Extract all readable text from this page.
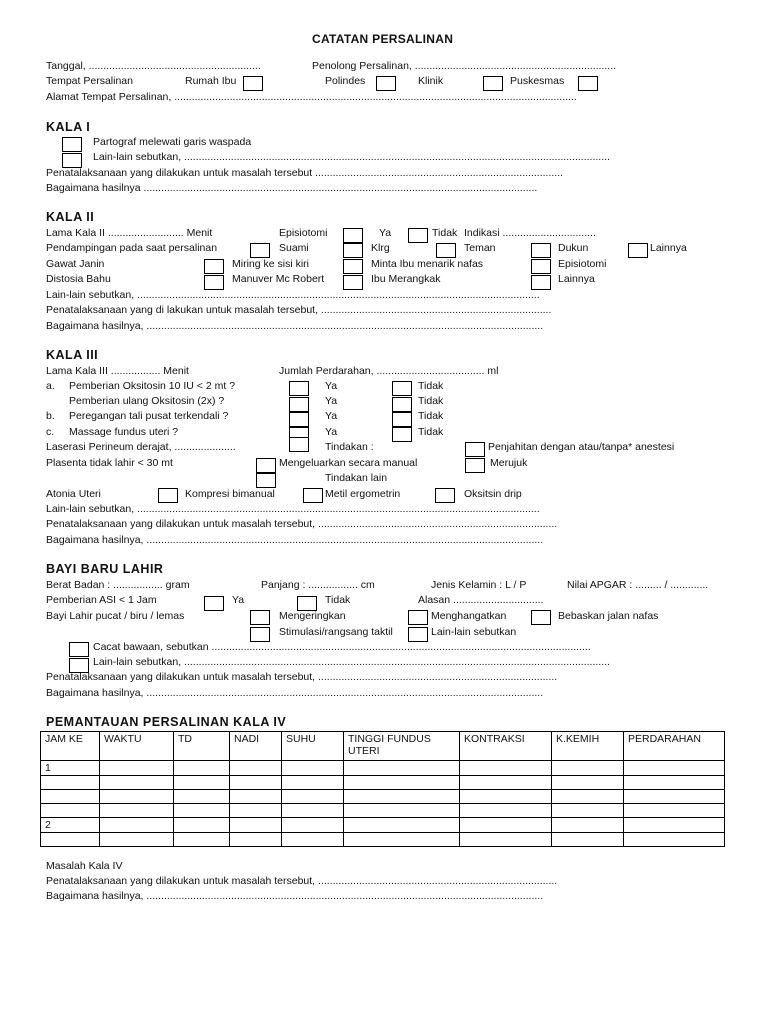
CATATAN PERSALINAN
Tanggal, ...........................................................	Penolong Persalinan, .....................................................................
Tempat Persalinan	Rumah Ibu	Polindes	Klinik	Puskesmas
Alamat Tempat Persalinan, ..........................................................................................................................................
KALA I
Partograf melewati garis waspada
Lain-lain sebutkan, ..................................................................................................................................................
Penatalaksanaan yang dilakukan untuk masalah tersebut .....................................................................................
Bagaimana hasilnya .......................................................................................................................................
KALA II
Lama Kala II .......................... Menit	Episiotomi	Ya	Tidak Indikasi ................................
Pendampingan pada saat persalinan	Suami	Klrg	Teman	Dukun	Lainnya
Gawat Janin	Miring ke sisi kiri	Minta Ibu menarik nafas	Episiotomi
Distosia Bahu	Manuver Mc Robert	Ibu Merangkak	Lainnya
Lain-lain sebutkan, ..........................................................................................................................................
Penatalaksanaan yang di lakukan untuk masalah tersebut, ...............................................................................
Bagaimana hasilnya, ........................................................................................................................................
KALA III
Lama Kala III ................. Menit	Jumlah Perdarahan, ..................................... ml
a. Pemberian Oksitosin 10 IU < 2 mt ?	Ya	Tidak
Pemberian ulang Oksitosin (2x) ?	Ya	Tidak
b. Peregangan tali pusat terkendali ?	Ya	Tidak
c. Massage fundus uteri ?	Ya	Tidak
Laserasi Perineum derajat, .....................	Tindakan :	Penjahitan dengan atau/tanpa* anestesi
Plasenta tidak lahir < 30 mt	Mengeluarkan secara manual	Merujuk
Tindakan lain
Atonia Uteri	Kompresi bimanual	Metil ergometrin	Oksitsin drip
Lain-lain sebutkan, ..........................................................................................................................................
Penatalaksanaan yang dilakukan untuk masalah tersebut, ..................................................................................
Bagaimana hasilnya, ........................................................................................................................................
BAYI BARU LAHIR
Berat Badan : ................. gram	Panjang : ................. cm	Jenis Kelamin : L / P	Nilai APGAR : ......... / .............
Pemberian ASI < 1 Jam	Ya	Tidak	Alasan ...............................
Bayi Lahir pucat / biru / lemas	Mengeringkan	Menghangatkan	Bebaskan jalan nafas
Stimulasi/rangsang taktil	Lain-lain sebutkan
Cacat bawaan, sebutkan ..................................................................................................................................
Lain-lain sebutkan, ..................................................................................................................................................
Penatalaksanaan yang dilakukan untuk masalah tersebut, ..................................................................................
Bagaimana hasilnya, ........................................................................................................................................
PEMANTAUAN PERSALINAN KALA IV
JAM KE	WAKTU	TD	NADI	SUHU	TINGGI FUNDUS UTERI	KONTRAKSI	K.KEMIH	PERDARAHAN
1								

2								

Masalah Kala IV
Penatalaksanaan yang dilakukan untuk masalah tersebut, ..................................................................................
Bagaimana hasilnya, ........................................................................................................................................
